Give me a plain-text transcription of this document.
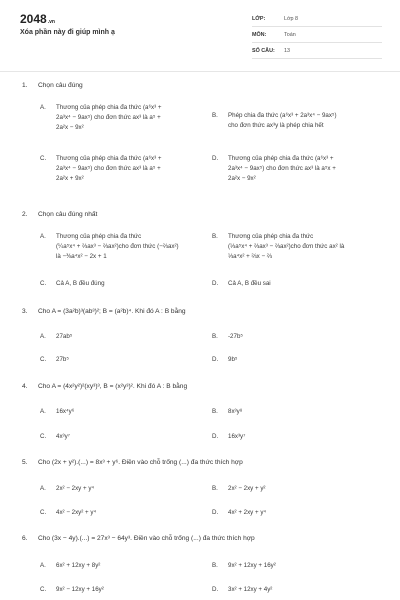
2048.vn
Xóa phần này đi giúp mình ạ
LỚP:	Lớp 8
MÔN:	Toán
SỐ CÂU: 13
1. Chọn câu đúng
A. Thương của phép chia đa thức (a⁶x³ +
2a³x⁴ − 9ax⁵) cho đơn thức ax³ là a⁵ +
2a²x − 9x²
B. Phép chia đa thức (a⁶x³ + 2a³x⁴ − 9ax⁵)
cho đơn thức ax³y là phép chia hết
C. Thương của phép chia đa thức (a⁶x³ +
2a³x⁴ − 9ax⁵) cho đơn thức ax³ là a⁵ +
2a²x + 9x²
D. Thương của phép chia đa thức (a⁶x³ +
2a³x⁴ − 9ax⁵) cho đơn thức ax³ là a⁵x +
2a²x − 9x²
2. Chọn câu đúng nhất
A. Thương của phép chia đa thức
(¼a⁵x⁴ + ⅔ax³ − ⅔ax²)cho đơn thức (−⅔ax²)
là −⅜a⁴x² − 2x + 1
B. Thương của phép chia đa thức
(⅓a⁵x⁴ + ⅔ax³ − ⅔ax²)cho đơn thức ax² là
⅓a⁴x² + ⅔x − ⅔
C. Cả A, B đều đúng	D. Cả A, B đều sai
3. Cho A = (3a²b)³(ab³)²; B = (a²b)⁴. Khi đó A : B bằng
A. 27ab⁵	B. -27b⁵
C. 27b⁵	D. 9b⁵
4. Cho A = (4x²y²)²(xy³)³, B = (x²y³)². Khi đó A : B bằng
A. 16x⁴y⁶	B. 8x³y⁸
C. 4x³y⁷	D. 16x³y⁷
5. Cho (2x + y²).(...) = 8x³ + y⁶. Điền vào chỗ trống (...) đa thức thích hợp
A. 2x² − 2xy + y⁴	B. 2x² − 2xy + y²
C. 4x² − 2xy² + y⁴	D. 4x² + 2xy + y⁴
6. Cho (3x − 4y).(...) = 27x³ − 64y³. Điền vào chỗ trống (...) đa thức thích hợp
A. 6x² + 12xy + 8y²	B. 9x² + 12xy + 16y²
C. 9x² − 12xy + 16y²	D. 3x² + 12xy + 4y²
